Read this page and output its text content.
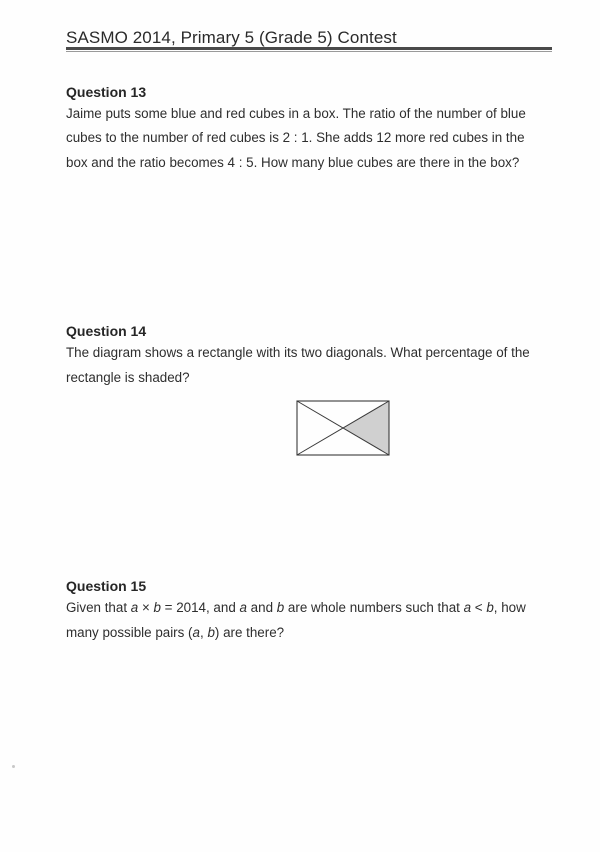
SASMO 2014, Primary 5 (Grade 5) Contest
Question 13
Jaime puts some blue and red cubes in a box. The ratio of the number of blue
cubes to the number of red cubes is 2 : 1. She adds 12 more red cubes in the
box and the ratio becomes 4 : 5. How many blue cubes are there in the box?
Question 14
The diagram shows a rectangle with its two diagonals. What percentage of the
rectangle is shaded?
Question 15
Given that a × b = 2014, and a and b are whole numbers such that a < b, how
many possible pairs (a, b) are there?
